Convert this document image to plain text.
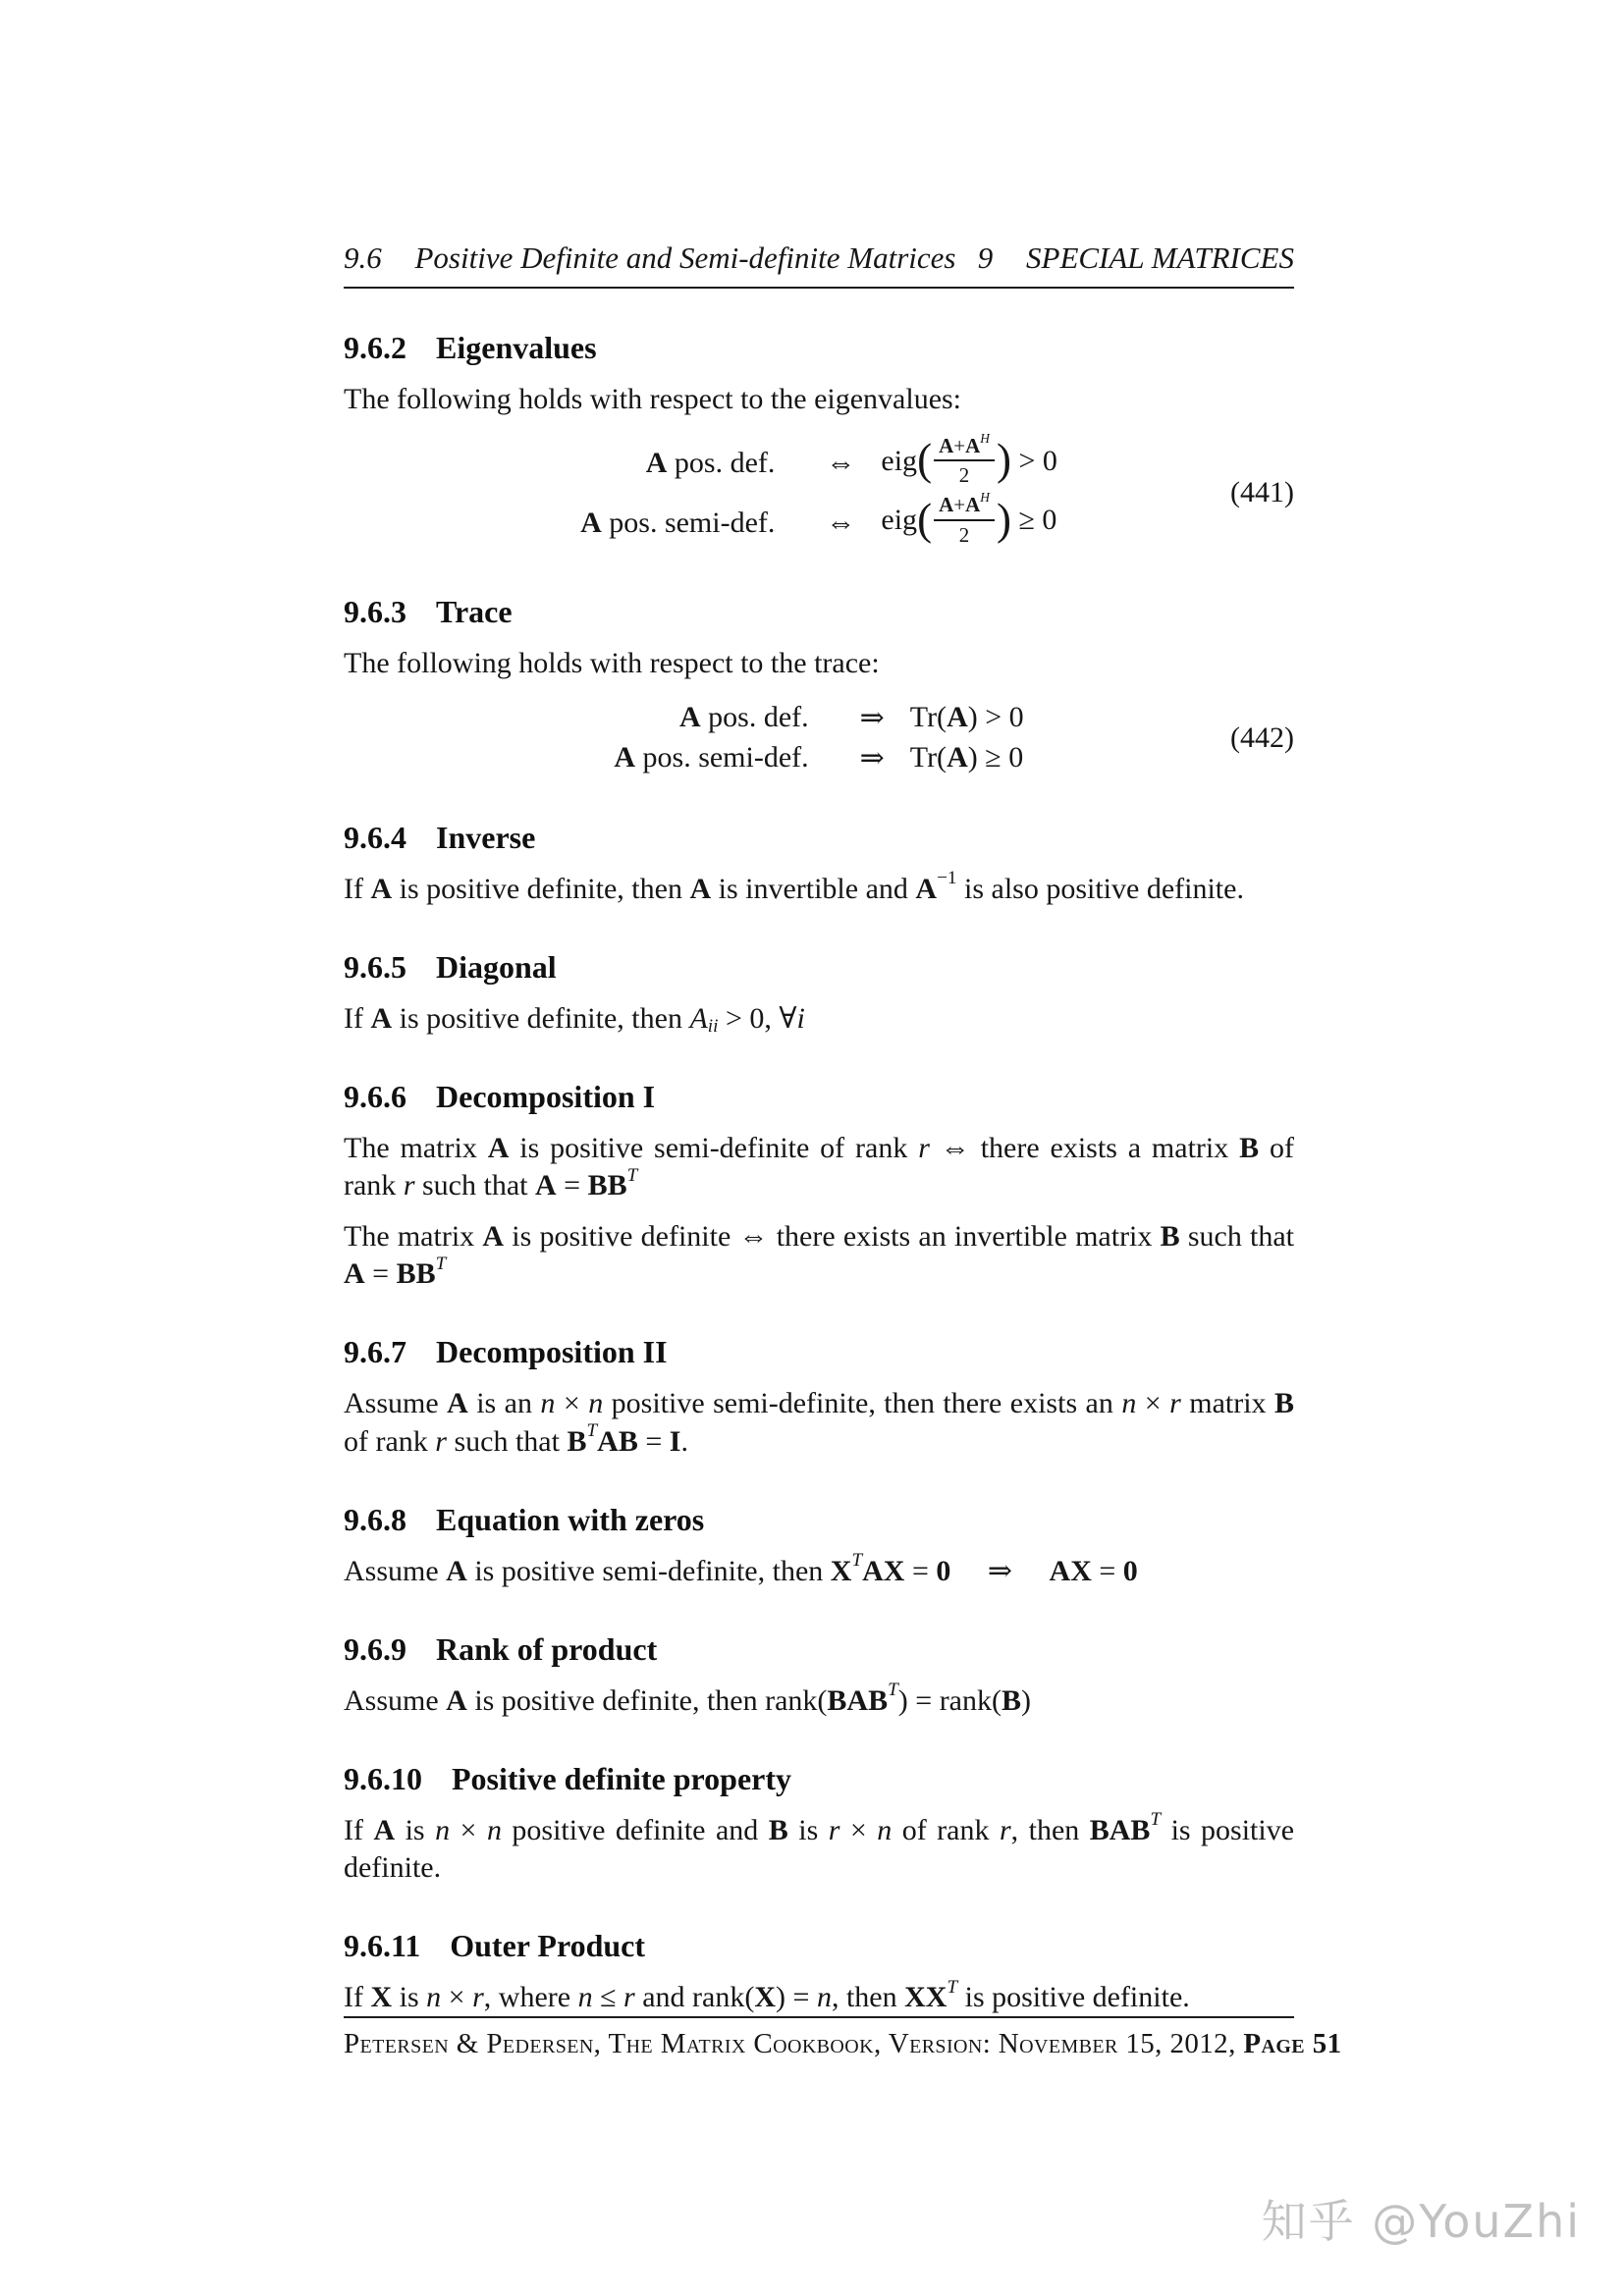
9.6 Positive Definite and Semi-definite Matrices 9 SPECIAL MATRICES
9.6.2 Eigenvalues

The following holds with respect to the eigenvalues:

A pos. def.	⇔	$eig( \frac{A+A^H}{2}$ ) > 0
A pos. semi-def.	⇔	$eig( \frac{A+A^H}{2}$ ) ≥ 0
(441)
9.6.3 Trace

The following holds with respect to the trace:

A pos. def.	⇒	Tr(A) > 0
A pos. semi-def.	⇒	Tr(A) ≥ 0
(442)
9.6.4 Inverse

If A is positive definite, then A is invertible and $A^{-1}$ is also positive definite.

9.6.5 Diagonal

If A is positive definite, then $A_{ii} > 0$, ∀i

9.6.6 Decomposition I

The matrix A is positive semi-definite of rank r ⇔ there exists a matrix B of rank r such that $A = BB^T$

The matrix A is positive definite ⇔ there exists an invertible matrix B such that $A = BB^T$

9.6.7 Decomposition II

Assume A is an n × n positive semi-definite, then there exists an n × r matrix B of rank r such that $B^TAB = I$.

9.6.8 Equation with zeros

Assume A is positive semi-definite, then $X^TAX = 0$  ⇒  AX = 0

9.6.9 Rank of product

Assume A is positive definite, then $rank(BAB^T)$ = rank(B)

9.6.10 Positive definite property

If A is n × n positive definite and B is r × n of rank r, then $BAB^T$ is positive definite.

9.6.11 Outer Product

If X is n × r, where n ≤ r and rank(X) = n, then $XX^T$ is positive definite.

Petersen & Pedersen, The Matrix Cookbook, Version: November 15, 2012, Page 51
知乎 @YouZhi
